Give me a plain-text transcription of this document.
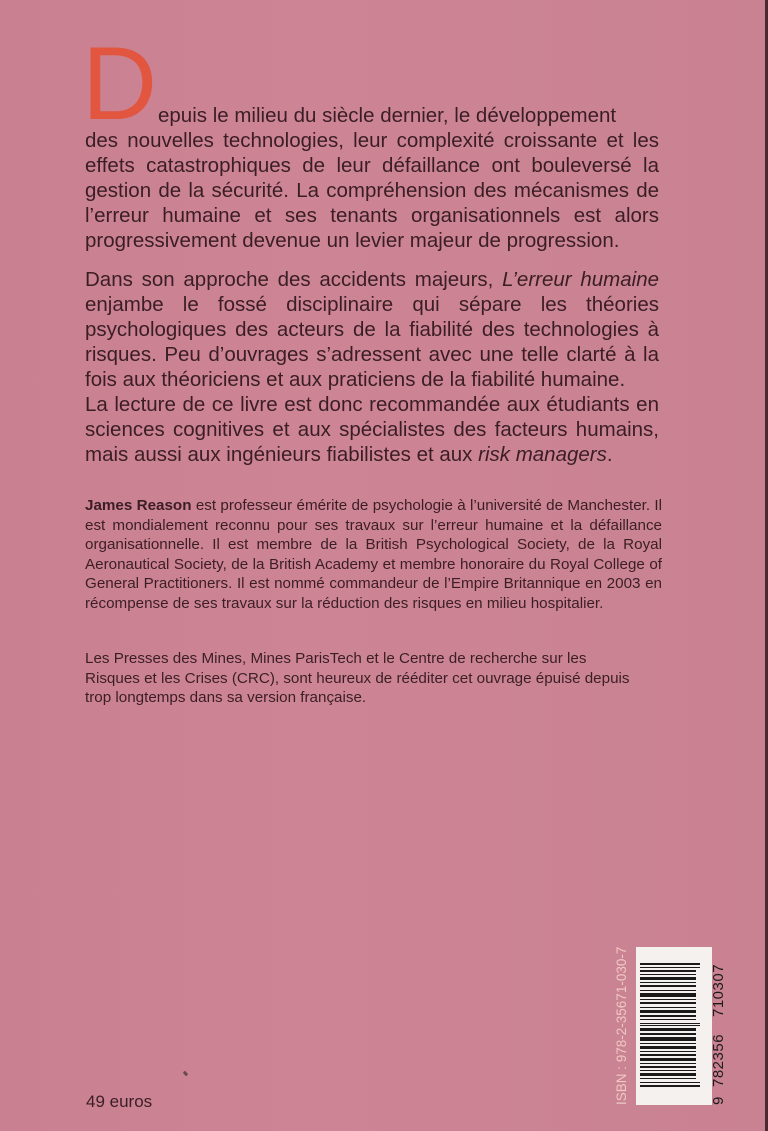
D epuis le milieu du siècle dernier, le développement
des nouvelles technologies, leur complexité croissante et les effets catastrophiques de leur défaillance ont bouleversé la gestion de la sécurité. La compréhension des mécanismes de l’erreur humaine et ses tenants organisationnels est alors progressivement devenue un levier majeur de progression.

Dans son approche des accidents majeurs, L’erreur humaine enjambe le fossé disciplinaire qui sépare les théories psychologiques des acteurs de la fiabilité des technologies à risques. Peu d’ouvrages s’adressent avec une telle clarté à la fois aux théoriciens et aux praticiens de la fiabilité humaine.

La lecture de ce livre est donc recommandée aux étudiants en sciences cognitives et aux spécialistes des facteurs humains, mais aussi aux ingénieurs fiabilistes et aux risk managers.

James Reason est professeur émérite de psychologie à l’université de Manchester. Il est mondialement reconnu pour ses travaux sur l’erreur humaine et la défaillance organisationnelle. Il est membre de la British Psychological Society, de la Royal Aeronautical Society, de la British Academy et membre honoraire du Royal College of General Practitioners. Il est nommé commandeur de l’Empire Britannique en 2003 en récompense de ses travaux sur la réduction des risques en milieu hospitalier.

Les Presses des Mines, Mines ParisTech et le Centre de recherche sur les Risques et les Crises (CRC), sont heureux de rééditer cet ouvrage épuisé depuis trop longtemps dans sa version française.

49 euros	ISBN : 978-2-35671-030-7	9782356710307
